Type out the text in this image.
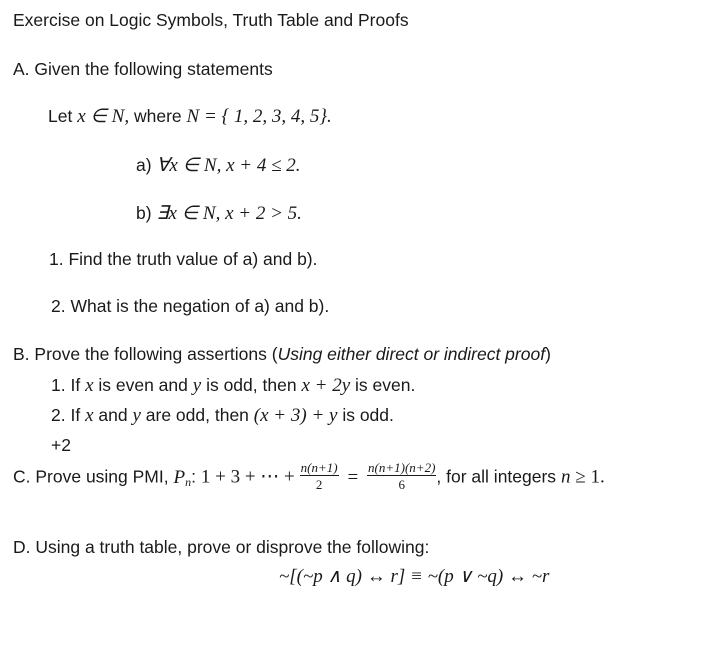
Exercise on Logic Symbols, Truth Table and Proofs
A. Given the following statements
Let x ∈ N, where N = { 1, 2, 3, 4, 5}.
a) ∀x ∈ N, x + 4 ≤ 2.
b) ∃x ∈ N, x + 2 > 5.
1. Find the truth value of a) and b).
2. What is the negation of a) and b).
B. Prove the following assertions (Using either direct or indirect proof)
1. If x is even and y is odd, then x + 2y is even.
2. If x and y are odd, then (x + 3) + y is odd.
+2
C. Prove using PMI, Pn: 1 + 3 + ⋯ + $\frac{n(n+1)}{2} = \frac{n(n+1)(n+2)}{6}$ , for all integers n ≥ 1.
D. Using a truth table, prove or disprove the following:
~[(~p ∧ q) ↔ r] ≡ ~(p ∨ ~q) ↔ ~r
